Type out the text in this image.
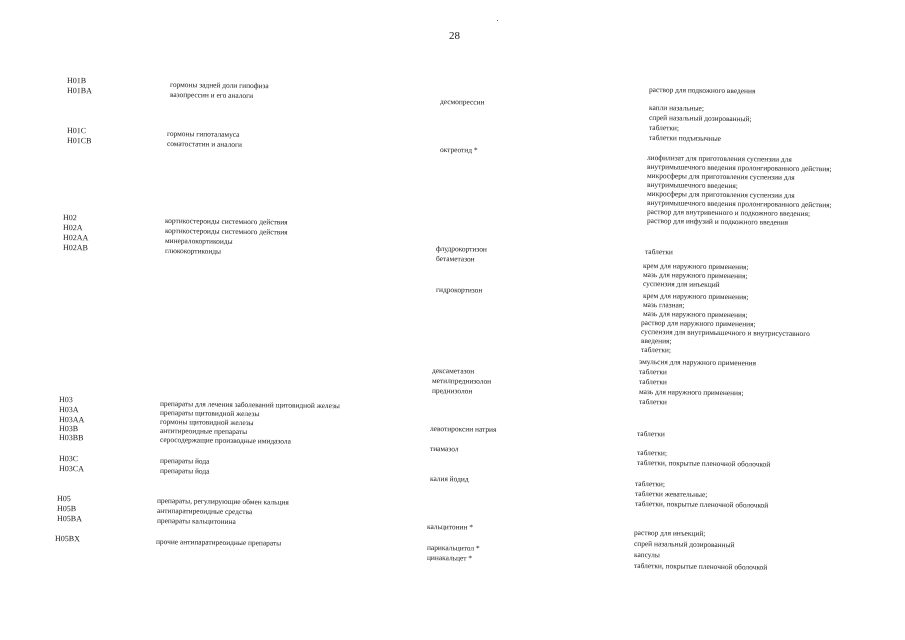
28
H01B
H01BA
H01C
H01CB
H02
H02A
H02AA
H02AB
H03
H03A
H03AA
H03B
H03BB
H03C
H03CA
H05
H05B
H05BA
H05BX
гормоны задней доли гипофиза
вазопрессин и его аналоги
гормоны гипоталамуса
соматостатин и аналоги
кортикостероиды системного действия
кортикостероиды системного действия
минералокортикоиды
глюкокортикоиды
препараты для лечения заболеваний щитовидной железы
препараты щитовидной железы
гормоны щитовидной железы
антитиреоидные препараты
серосодержащие производные имидазола
препараты йода
препараты йода
препараты, регулирующие обмен кальция
антипаратиреоидные средства
препараты кальцитонина
прочие антипаратиреоидные препараты
десмопрессин
октреотид *
флудрокортизон
бетаметазон
гидрокортизон
дексаметазон
метилпреднизолон
преднизолон
левотироксин натрия
тиамазол
калия йодид
кальцитонин *
парикальцитол *
цинакальцет *
раствор для подкожного введения
капли назальные;
спрей назальный дозированный;
таблетки;
таблетки подъязычные
лиофилизат для приготовления суспензии для
внутримышечного введения пролонгированного действия;
микросферы для приготовления суспензии для
внутримышечного введения;
микросферы для приготовления суспензии для
внутримышечного введения пролонгированного действия;
раствор для внутривенного и подкожного введения;
раствор для инфузий и подкожного введения
таблетки
крем для наружного применения;
мазь для наружного применения;
суспензия для инъекций
крем для наружного применения;
мазь глазная;
мазь для наружного применения;
раствор для наружного применения;
суспензия для внутримышечного и внутрисуставного
введения;
таблетки;
эмульсия для наружного применения
таблетки
таблетки
мазь для наружного применения;
таблетки
таблетки
таблетки;
таблетки, покрытые пленочной оболочкой
таблетки;
таблетки жевательные;
таблетки, покрытые пленочной оболочкой
раствор для инъекций;
спрей назальный дозированный
капсулы
таблетки, покрытые пленочной оболочкой
